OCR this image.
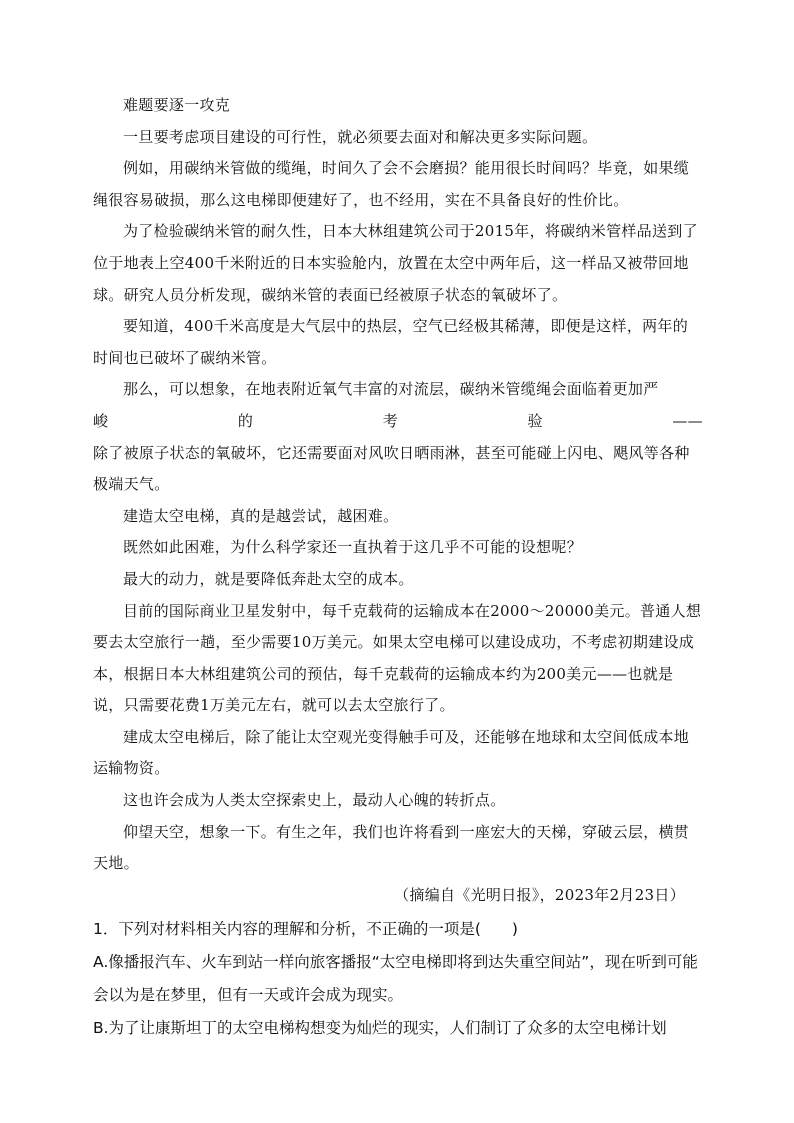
难题要逐一攻克

一旦要考虑项目建设的可行性，就必须要去面对和解决更多实际问题。

例如，用碳纳米管做的缆绳，时间久了会不会磨损？能用很长时间吗？毕竟，如果缆绳很容易破损，那么这电梯即便建好了，也不经用，实在不具备良好的性价比。

为了检验碳纳米管的耐久性，日本大林组建筑公司于2015年，将碳纳米管样品送到了位于地表上空400千米附近的日本实验舱内，放置在太空中两年后，这一样品又被带回地球。研究人员分析发现，碳纳米管的表面已经被原子状态的氧破坏了。

要知道，400千米高度是大气层中的热层，空气已经极其稀薄，即便是这样，两年的时间也已破坏了碳纳米管。

那么，可以想象，在地表附近氧气丰富的对流层，碳纳米管缆绳会面临着更加严

峻	的	考	验	——

除了被原子状态的氧破坏，它还需要面对风吹日晒雨淋，甚至可能碰上闪电、飓风等各种极端天气。

建造太空电梯，真的是越尝试，越困难。

既然如此困难，为什么科学家还一直执着于这几乎不可能的设想呢？

最大的动力，就是要降低奔赴太空的成本。

目前的国际商业卫星发射中，每千克载荷的运输成本在2000～20000美元。普通人想要去太空旅行一趟，至少需要10万美元。如果太空电梯可以建设成功，不考虑初期建设成本，根据日本大林组建筑公司的预估，每千克载荷的运输成本约为200美元——也就是说，只需要花费1万美元左右，就可以去太空旅行了。

建成太空电梯后，除了能让太空观光变得触手可及，还能够在地球和太空间低成本地运输物资。

这也许会成为人类太空探索史上，最动人心魄的转折点。

仰望天空，想象一下。有生之年，我们也许将看到一座宏大的天梯，穿破云层，横贯天地。

（摘编自《光明日报》，2023年2月23日）

1．下列对材料相关内容的理解和分析，不正确的一项是(　　)

A.像播报汽车、火车到站一样向旅客播报“太空电梯即将到达失重空间站”，现在听到可能会以为是在梦里，但有一天或许会成为现实。

B.为了让康斯坦丁的太空电梯构想变为灿烂的现实，人们制订了众多的太空电梯计划
